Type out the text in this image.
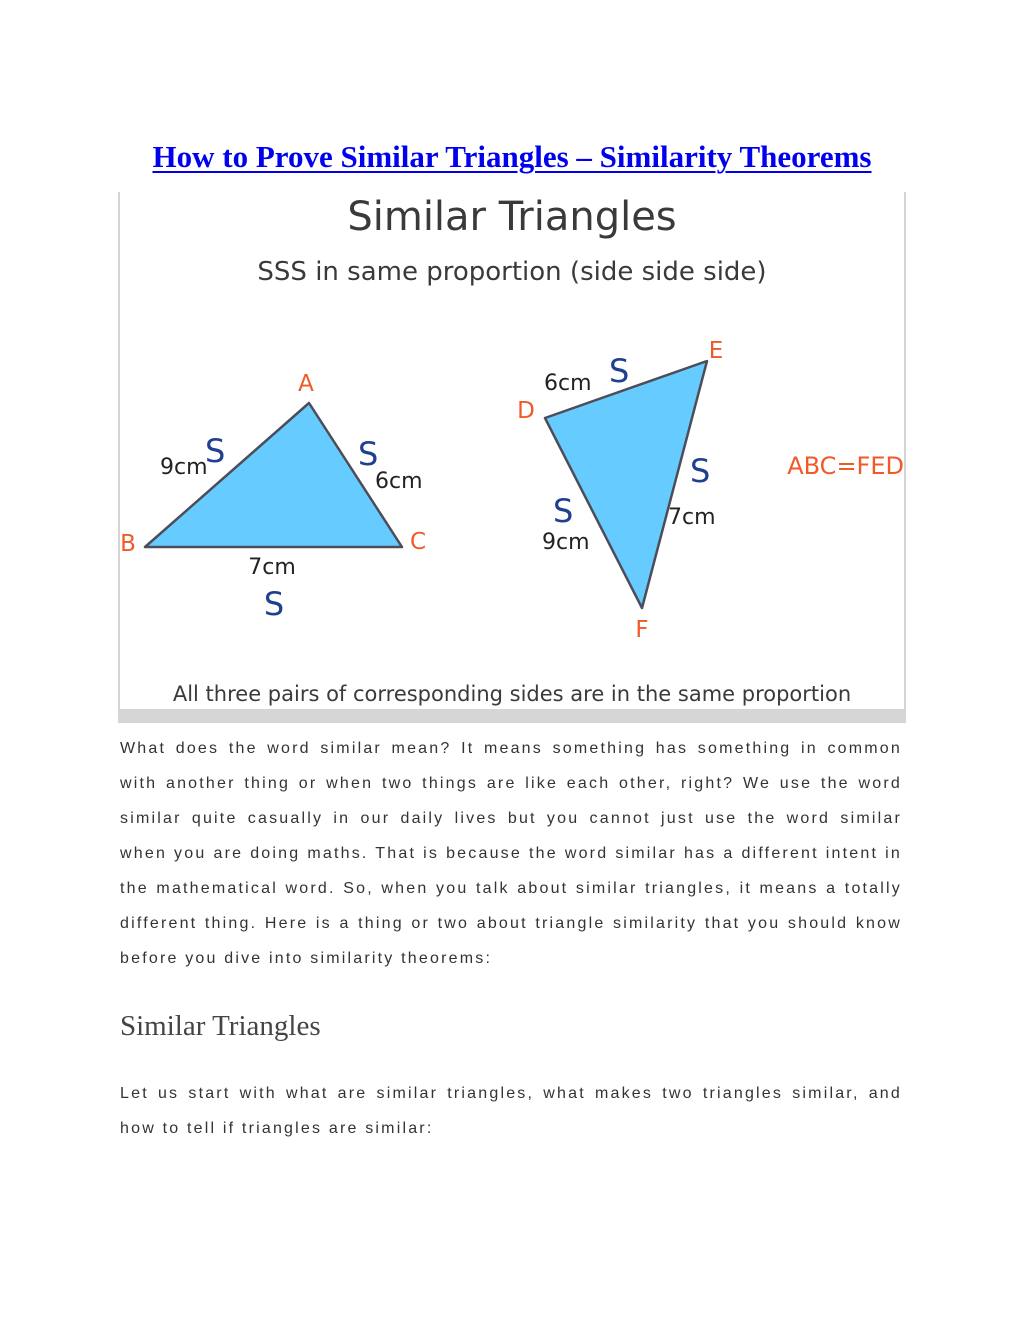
How to Prove Similar Triangles – Similarity Theorems
Similar Triangles
SSS in same proportion (side side side)
A
B	C
9cm
S	S
6cm
7cm
S
D
E
F
6cm S
S
7cm
S
9cm
ABC=FED
All three pairs of corresponding sides are in the same proportion

What does the word similar mean? It means something has something in common with another thing or when two things are like each other, right? We use the word similar quite casually in our daily lives but you cannot just use the word similar when you are doing maths. That is because the word similar has a different intent in the mathematical word. So, when you talk about similar triangles, it means a totally different thing. Here is a thing or two about triangle similarity that you should know before you dive into similarity theorems:

Similar Triangles

Let us start with what are similar triangles, what makes two triangles similar, and how to tell if triangles are similar:
